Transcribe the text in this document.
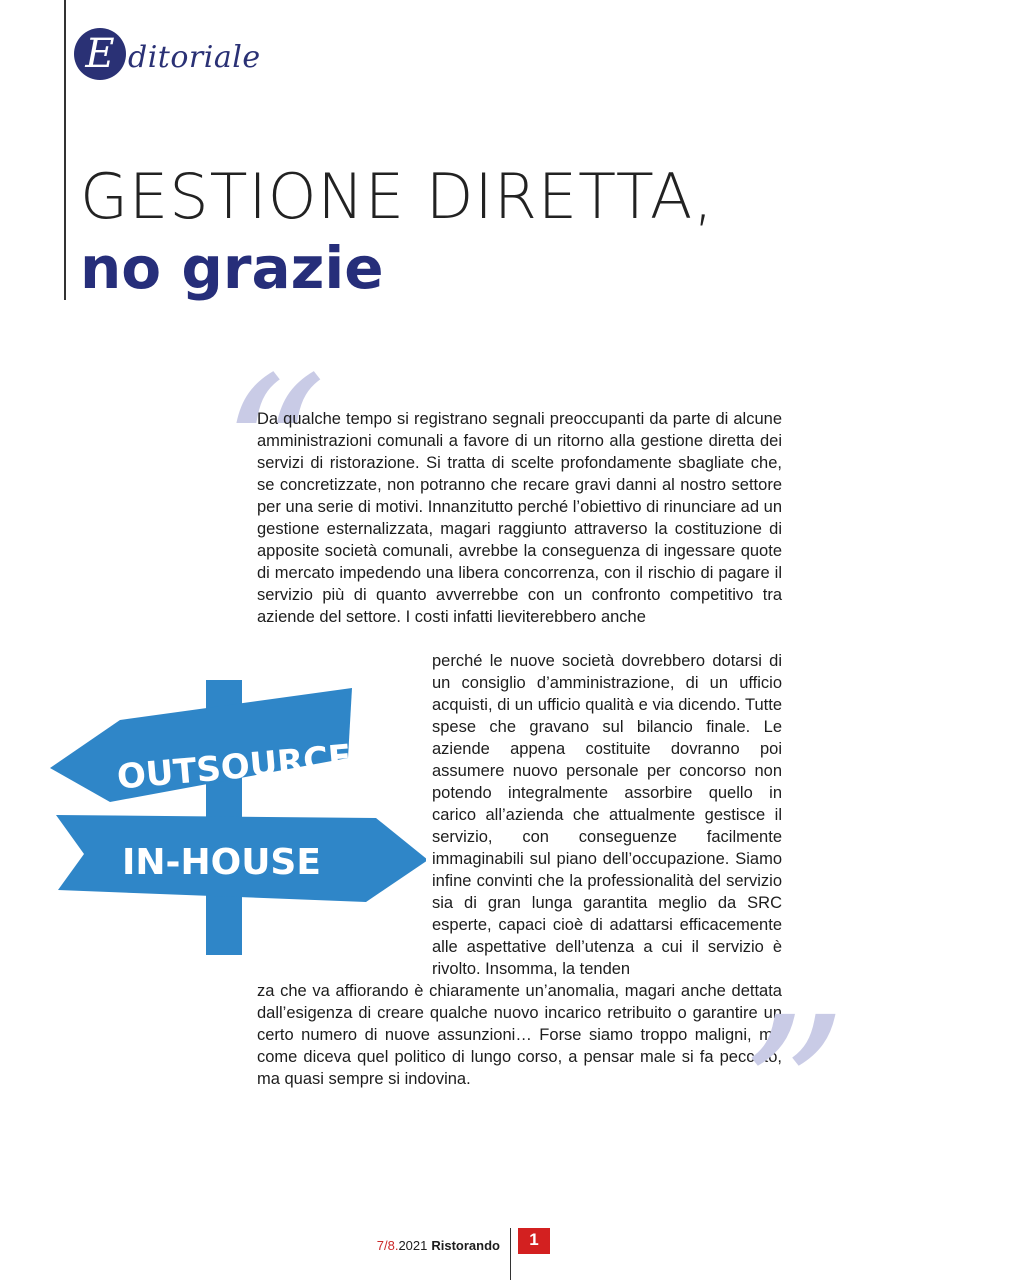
E ditoriale
GESTIONE DIRETTA,
no grazie
“
Da qualche tempo si registrano segnali preoccupanti da parte di alcune amministrazioni comunali a favore di un ritorno alla gestione diretta dei servizi di ristorazione. Si tratta di scelte profondamente sbagliate che, se concretizzate, non potranno che recare gravi danni al nostro settore per una serie di motivi. Innanzitutto perché l’obiettivo di rinunciare ad un gestione esternalizzata, magari raggiunto attraverso la costituzione di apposite società comunali, avrebbe la conseguenza di ingessare quote di mercato impedendo una libera concorrenza, con il rischio di pagare il servizio più di quanto avverrebbe con un confronto competitivo tra aziende del settore. I costi infatti lieviterebbero anche
OUTSOURCE
IN-HOUSE
perché le nuove società dovrebbero dotarsi di un consiglio d’amministrazione, di un ufficio acquisti, di un ufficio qualità e via dicendo. Tutte spese che gravano sul bilancio finale. Le aziende appena costituite dovranno poi assumere nuovo personale per concorso non potendo integralmente assorbire quello in carico all’azienda che attualmente gestisce il servizio, con conseguenze facilmente immaginabili sul piano dell’occupazione. Siamo infine convinti che la professionalità del servizio sia di gran lunga garantita meglio da SRC esperte, capaci cioè di adattarsi efficacemente alle aspettative dell’utenza a cui il servizio è rivolto. Insomma, la tenden
za che va affiorando è chiaramente un’anomalia, magari anche dettata dall’esigenza di creare qualche nuovo incarico retribuito o garantire un certo numero di nuove assunzioni… Forse siamo troppo maligni, ma come diceva quel politico di lungo corso, a pensar male si fa peccato, ma quasi sempre si indovina.	”
7/8.2021 Ristorando	1
